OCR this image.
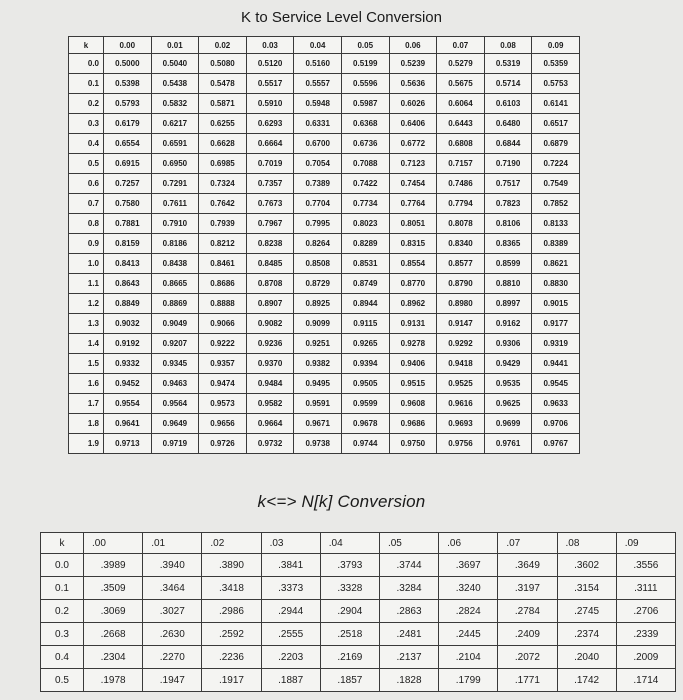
K to Service Level Conversion
k	0.00	0.01	0.02	0.03	0.04	0.05	0.06	0.07	0.08	0.09
0.0	0.5000	0.5040	0.5080	0.5120	0.5160	0.5199	0.5239	0.5279	0.5319	0.5359
0.1	0.5398	0.5438	0.5478	0.5517	0.5557	0.5596	0.5636	0.5675	0.5714	0.5753
0.2	0.5793	0.5832	0.5871	0.5910	0.5948	0.5987	0.6026	0.6064	0.6103	0.6141
0.3	0.6179	0.6217	0.6255	0.6293	0.6331	0.6368	0.6406	0.6443	0.6480	0.6517
0.4	0.6554	0.6591	0.6628	0.6664	0.6700	0.6736	0.6772	0.6808	0.6844	0.6879
0.5	0.6915	0.6950	0.6985	0.7019	0.7054	0.7088	0.7123	0.7157	0.7190	0.7224
0.6	0.7257	0.7291	0.7324	0.7357	0.7389	0.7422	0.7454	0.7486	0.7517	0.7549
0.7	0.7580	0.7611	0.7642	0.7673	0.7704	0.7734	0.7764	0.7794	0.7823	0.7852
0.8	0.7881	0.7910	0.7939	0.7967	0.7995	0.8023	0.8051	0.8078	0.8106	0.8133
0.9	0.8159	0.8186	0.8212	0.8238	0.8264	0.8289	0.8315	0.8340	0.8365	0.8389
1.0	0.8413	0.8438	0.8461	0.8485	0.8508	0.8531	0.8554	0.8577	0.8599	0.8621
1.1	0.8643	0.8665	0.8686	0.8708	0.8729	0.8749	0.8770	0.8790	0.8810	0.8830
1.2	0.8849	0.8869	0.8888	0.8907	0.8925	0.8944	0.8962	0.8980	0.8997	0.9015
1.3	0.9032	0.9049	0.9066	0.9082	0.9099	0.9115	0.9131	0.9147	0.9162	0.9177
1.4	0.9192	0.9207	0.9222	0.9236	0.9251	0.9265	0.9278	0.9292	0.9306	0.9319
1.5	0.9332	0.9345	0.9357	0.9370	0.9382	0.9394	0.9406	0.9418	0.9429	0.9441
1.6	0.9452	0.9463	0.9474	0.9484	0.9495	0.9505	0.9515	0.9525	0.9535	0.9545
1.7	0.9554	0.9564	0.9573	0.9582	0.9591	0.9599	0.9608	0.9616	0.9625	0.9633
1.8	0.9641	0.9649	0.9656	0.9664	0.9671	0.9678	0.9686	0.9693	0.9699	0.9706
1.9	0.9713	0.9719	0.9726	0.9732	0.9738	0.9744	0.9750	0.9756	0.9761	0.9767
k<=> N[k] Conversion
k	.00	.01	.02	.03	.04	.05	.06	.07	.08	.09
0.0	.3989	.3940	.3890	.3841	.3793	.3744	.3697	.3649	.3602	.3556
0.1	.3509	.3464	.3418	.3373	.3328	.3284	.3240	.3197	.3154	.3111
0.2	.3069	.3027	.2986	.2944	.2904	.2863	.2824	.2784	.2745	.2706
0.3	.2668	.2630	.2592	.2555	.2518	.2481	.2445	.2409	.2374	.2339
0.4	.2304	.2270	.2236	.2203	.2169	.2137	.2104	.2072	.2040	.2009
0.5	.1978	.1947	.1917	.1887	.1857	.1828	.1799	.1771	.1742	.1714
